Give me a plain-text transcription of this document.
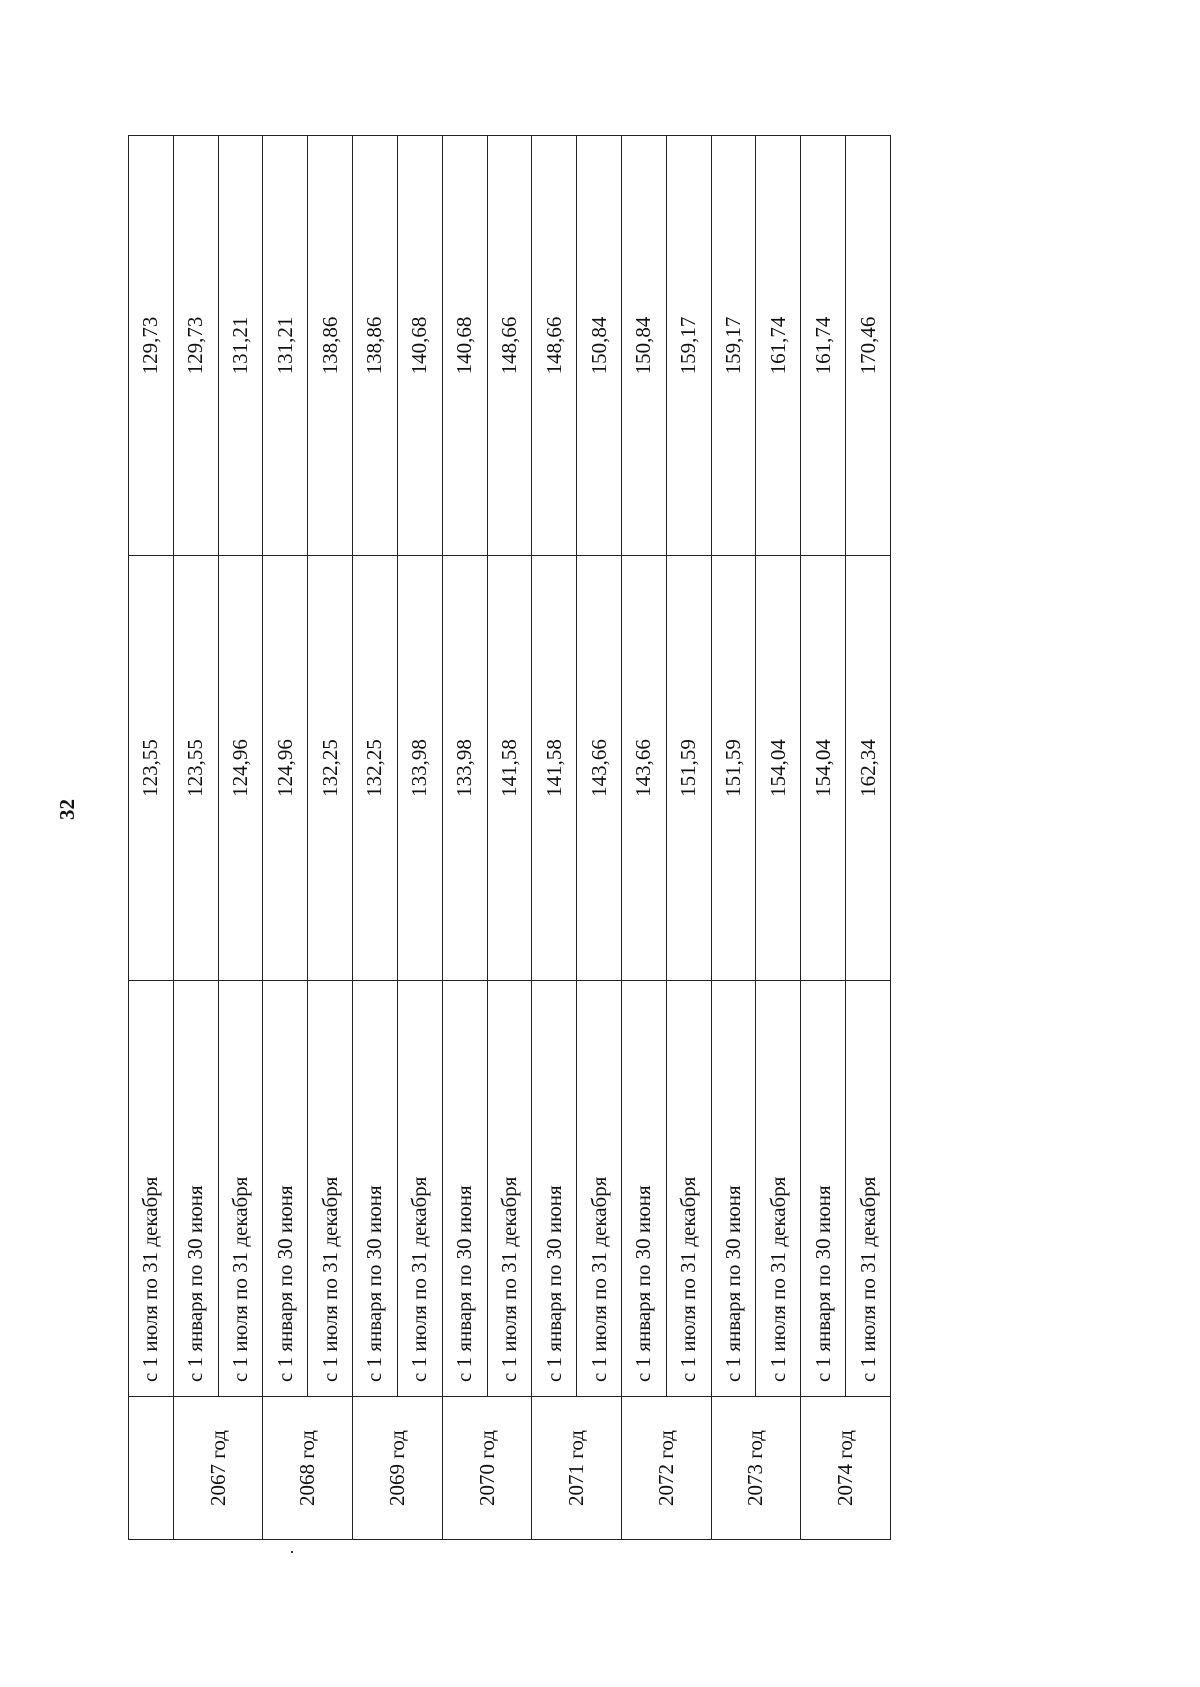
32
	с 1 июля по 31 декабря	123,55	129,73
2067 год	с 1 января по 30 июня	123,55	129,73
	с 1 июля по 31 декабря	124,96	131,21
2068 год	с 1 января по 30 июня	124,96	131,21
	с 1 июля по 31 декабря	132,25	138,86
2069 год	с 1 января по 30 июня	132,25	138,86
	с 1 июля по 31 декабря	133,98	140,68
2070 год	с 1 января по 30 июня	133,98	140,68
	с 1 июля по 31 декабря	141,58	148,66
2071 год	с 1 января по 30 июня	141,58	148,66
	с 1 июля по 31 декабря	143,66	150,84
2072 год	с 1 января по 30 июня	143,66	150,84
	с 1 июля по 31 декабря	151,59	159,17
2073 год	с 1 января по 30 июня	151,59	159,17
	с 1 июля по 31 декабря	154,04	161,74
2074 год	с 1 января по 30 июня	154,04	161,74
	с 1 июля по 31 декабря	162,34	170,46
